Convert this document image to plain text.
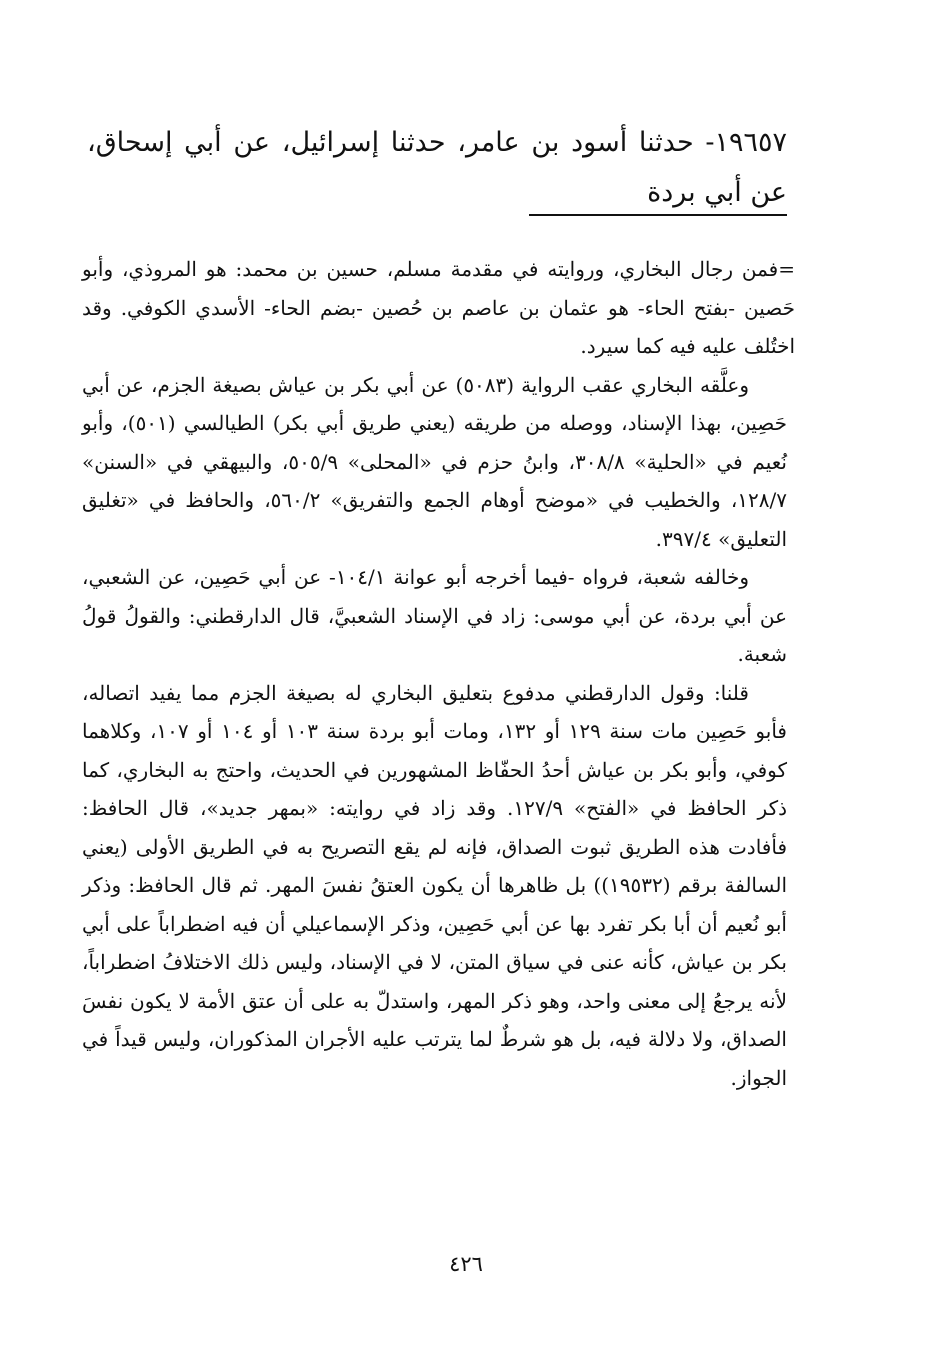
١٩٦٥٧- حدثنا أسود بن عامر، حدثنا إسرائيل، عن أبي إسحاق، عن أبي بردة

=فمن رجال البخاري، وروايته في مقدمة مسلم، حسين بن محمد: هو المروذي، وأبو حَصين -بفتح الحاء- هو عثمان بن عاصم بن حُصين -بضم الحاء- الأسدي الكوفي. وقد اختُلف عليه فيه كما سيرد.

وعلَّقه البخاري عقب الرواية (٥٠٨٣) عن أبي بكر بن عياش بصيغة الجزم، عن أبي حَصِين، بهذا الإسناد، ووصله من طريقه (يعني طريق أبي بكر) الطيالسي (٥٠١)، وأبو نُعيم في «الحلية» ٣٠٨/٨، وابنُ حزم في «المحلى» ٥٠٥/٩، والبيهقي في «السنن» ١٢٨/٧، والخطيب في «موضح أوهام الجمع والتفريق» ٥٦٠/٢، والحافظ في «تغليق التعليق» ٣٩٧/٤.

وخالفه شعبة، فرواه -فيما أخرجه أبو عوانة ١٠٤/١- عن أبي حَصِين، عن الشعبي، عن أبي بردة، عن أبي موسى: زاد في الإسناد الشعبيَّ، قال الدارقطني: والقولُ قولُ شعبة.

قلنا: وقول الدارقطني مدفوع بتعليق البخاري له بصيغة الجزم مما يفيد اتصاله، فأبو حَصِين مات سنة ١٢٩ أو ١٣٢، ومات أبو بردة سنة ١٠٣ أو ١٠٤ أو ١٠٧، وكلاهما كوفي، وأبو بكر بن عياش أحدُ الحفّاظ المشهورين في الحديث، واحتج به البخاري، كما ذكر الحافظ في «الفتح» ١٢٧/٩. وقد زاد في روايته: «بمهر جديد»، قال الحافظ: فأفادت هذه الطريق ثبوت الصداق، فإنه لم يقع التصريح به في الطريق الأولى (يعني السالفة برقم (١٩٥٣٢)) بل ظاهرها أن يكون العتقُ نفسَ المهر. ثم قال الحافظ: وذكر أبو نُعيم أن أبا بكر تفرد بها عن أبي حَصِين، وذكر الإسماعيلي أن فيه اضطراباً على أبي بكر بن عياش، كأنه عنى في سياق المتن، لا في الإسناد، وليس ذلك الاختلافُ اضطراباً، لأنه يرجعُ إلى معنى واحد، وهو ذكر المهر، واستدلّ به على أن عتق الأمة لا يكون نفسَ الصداق، ولا دلالة فيه، بل هو شرطٌ لما يترتب عليه الأجران المذكوران، وليس قيداً في الجواز.

٤٢٦
